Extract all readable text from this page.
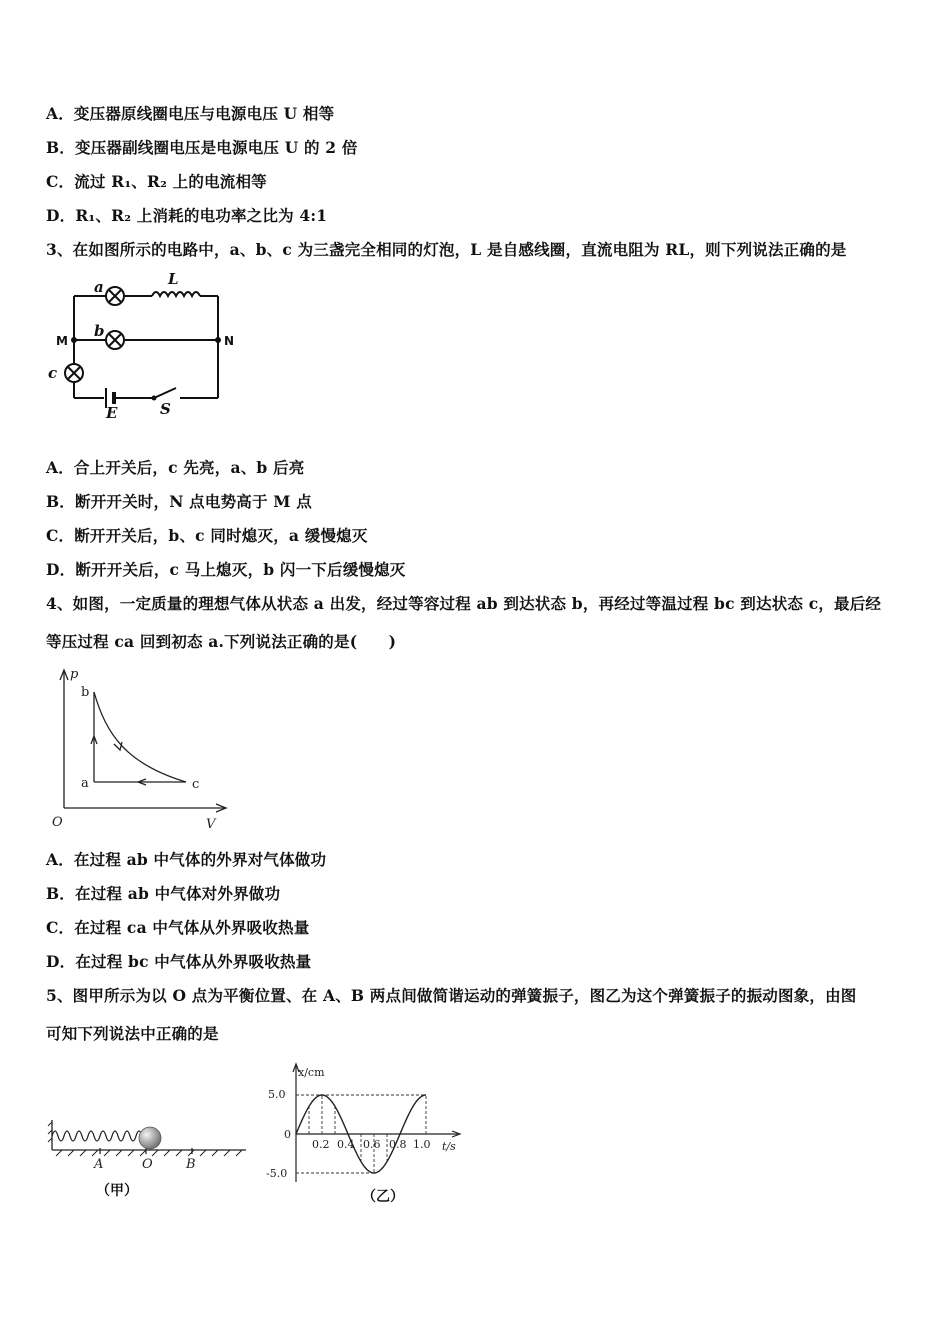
A．变压器原线圈电压与电源电压 U 相等
B．变压器副线圈电压是电源电压 U 的 2 倍
C．流过 R₁、R₂ 上的电流相等
D．R₁、R₂ 上消耗的电功率之比为 4:1
3、在如图所示的电路中，a、b、c 为三盏完全相同的灯泡，L 是自感线圈，直流电阻为 RL，则下列说法正确的是
a
b
c
L
E	S
M	N
A．合上开关后，c 先亮，a、b 后亮
B．断开开关时，N 点电势高于 M 点
C．断开开关后，b、c 同时熄灭，a 缓慢熄灭
D．断开开关后，c 马上熄灭，b 闪一下后缓慢熄灭
4、如图，一定质量的理想气体从状态 a 出发，经过等容过程 ab 到达状态 b，再经过等温过程 bc 到达状态 c，最后经
等压过程 ca 回到初态 a.下列说法正确的是(　　)
p
O	V
b
a	c
A．在过程 ab 中气体的外界对气体做功
B．在过程 ab 中气体对外界做功
C．在过程 ca 中气体从外界吸收热量
D．在过程 bc 中气体从外界吸收热量
5、图甲所示为以 O 点为平衡位置、在 A、B 两点间做简谐运动的弹簧振子，图乙为这个弹簧振子的振动图象，由图
可知下列说法中正确的是
A	O	B
（甲）
x/cm
t/s
5.0
0
-5.0
0.2 0.4 0.6 0.8 1.0
（乙）
